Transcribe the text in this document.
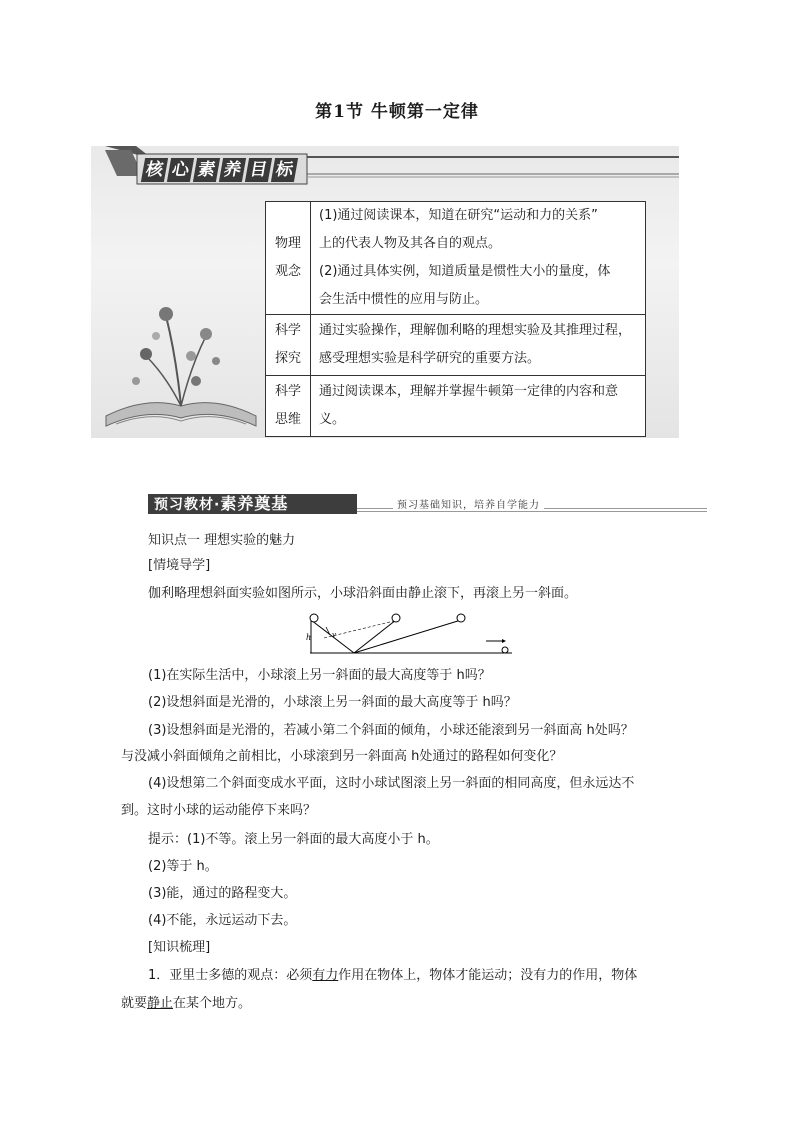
第1节 牛顿第一定律
核 心 素 养 目 标
物理观念	(1)通过阅读课本，知道在研究“运动和力的关系”
上的代表人物及其各自的观点。
(2)通过具体实例，知道质量是惯性大小的量度，体
会生活中惯性的应用与防止。

科学探究	通过实验操作，理解伽利略的理想实验及其推理过程，
感受理想实验是科学研究的重要方法。

科学思维	通过阅读课本，理解并掌握牛顿第一定律的内容和意
义。
预习教材·素养奠基	预习基础知识，培养自学能力
知识点一 理想实验的魅力
[情境导学]
伽利略理想斜面实验如图所示，小球沿斜面由静止滚下，再滚上另一斜面。
h	v
(1)在实际生活中，小球滚上另一斜面的最大高度等于 h吗？
(2)设想斜面是光滑的，小球滚上另一斜面的最大高度等于 h吗？
(3)设想斜面是光滑的，若减小第二个斜面的倾角，小球还能滚到另一斜面高 h处吗？
与没减小斜面倾角之前相比，小球滚到另一斜面高 h处通过的路程如何变化？
(4)设想第二个斜面变成水平面，这时小球试图滚上另一斜面的相同高度，但永远达不
到。这时小球的运动能停下来吗？
提示：(1)不等。滚上另一斜面的最大高度小于 h。
(2)等于 h。
(3)能，通过的路程变大。
(4)不能，永远运动下去。
[知识梳理]
1．亚里士多德的观点：必须有力作用在物体上，物体才能运动；没有力的作用，物体
就要静止在某个地方。
